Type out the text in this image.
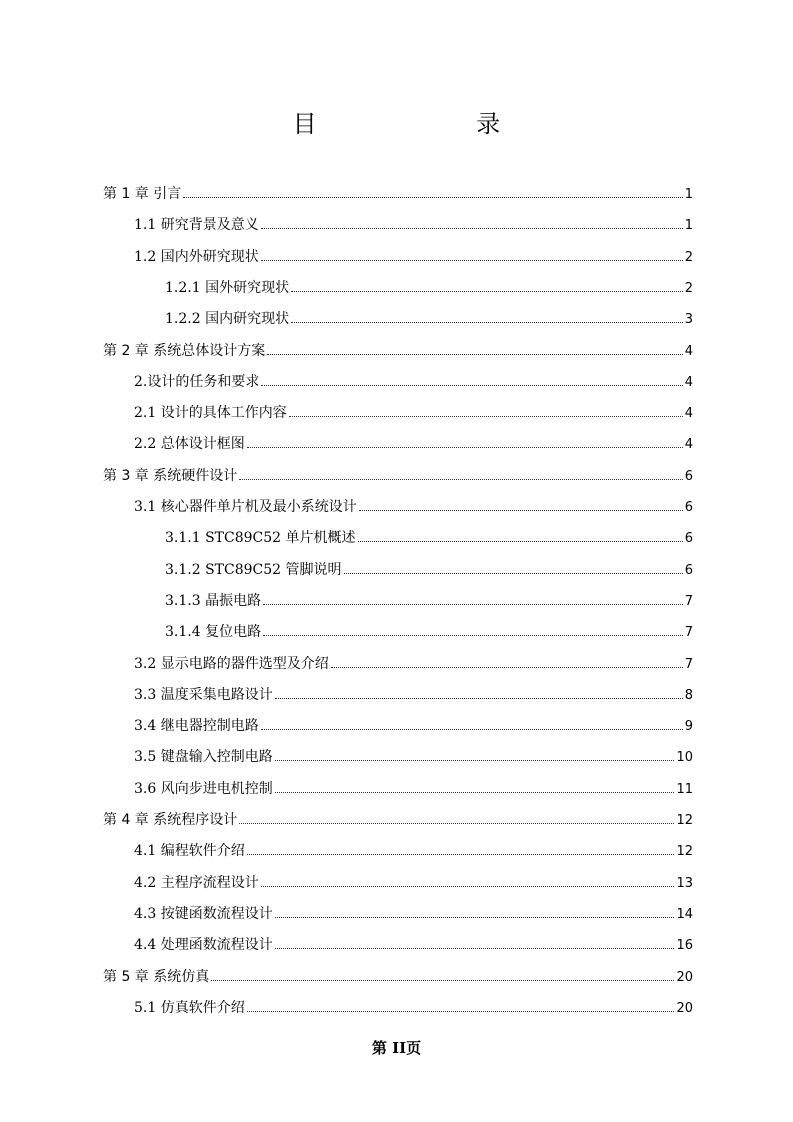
目 录
第 1 章 引言	1
1.1 研究背景及意义	1
1.2 国内外研究现状	2
1.2.1 国外研究现状	2
1.2.2 国内研究现状	3
第 2 章 系统总体设计方案	4
2.设计的任务和要求	4
2.1 设计的具体工作内容	4
2.2 总体设计框图	4
第 3 章 系统硬件设计	6
3.1 核心器件单片机及最小系统设计	6
3.1.1 STC89C52 单片机概述	6
3.1.2 STC89C52 管脚说明	6
3.1.3 晶振电路	7
3.1.4 复位电路	7
3.2 显示电路的器件选型及介绍	7
3.3 温度采集电路设计	8
3.4 继电器控制电路	9
3.5 键盘输入控制电路	10
3.6 风向步进电机控制	11
第 4 章 系统程序设计	12
4.1 编程软件介绍	12
4.2 主程序流程设计	13
4.3 按键函数流程设计	14
4.4 处理函数流程设计	16
第 5 章 系统仿真	20
5.1 仿真软件介绍	20
第 II页
